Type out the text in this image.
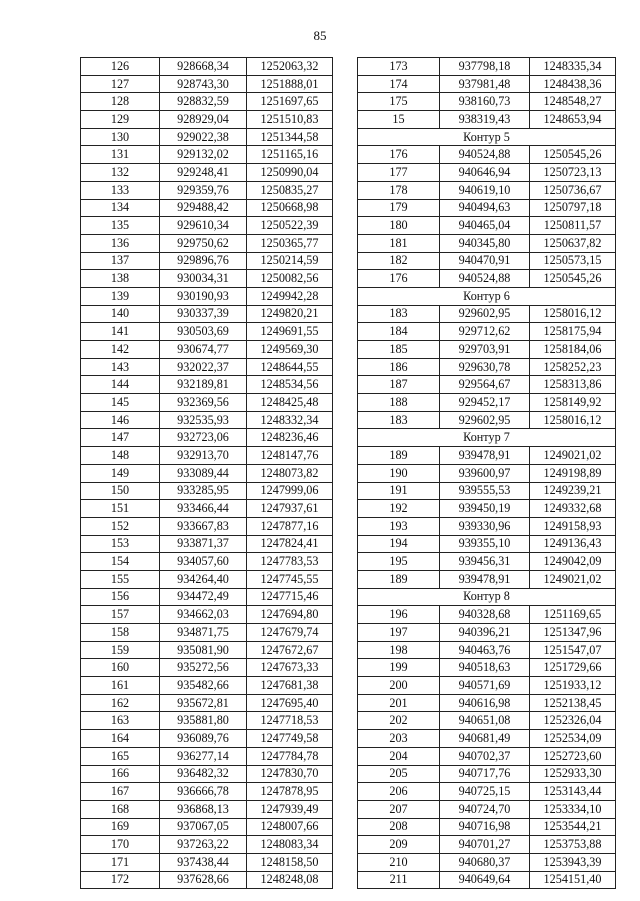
85
126	928668,34	1252063,32
127	928743,30	1251888,01
128	928832,59	1251697,65
129	928929,04	1251510,83
130	929022,38	1251344,58
131	929132,02	1251165,16
132	929248,41	1250990,04
133	929359,76	1250835,27
134	929488,42	1250668,98
135	929610,34	1250522,39
136	929750,62	1250365,77
137	929896,76	1250214,59
138	930034,31	1250082,56
139	930190,93	1249942,28
140	930337,39	1249820,21
141	930503,69	1249691,55
142	930674,77	1249569,30
143	932022,37	1248644,55
144	932189,81	1248534,56
145	932369,56	1248425,48
146	932535,93	1248332,34
147	932723,06	1248236,46
148	932913,70	1248147,76
149	933089,44	1248073,82
150	933285,95	1247999,06
151	933466,44	1247937,61
152	933667,83	1247877,16
153	933871,37	1247824,41
154	934057,60	1247783,53
155	934264,40	1247745,55
156	934472,49	1247715,46
157	934662,03	1247694,80
158	934871,75	1247679,74
159	935081,90	1247672,67
160	935272,56	1247673,33
161	935482,66	1247681,38
162	935672,81	1247695,40
163	935881,80	1247718,53
164	936089,76	1247749,58
165	936277,14	1247784,78
166	936482,32	1247830,70
167	936666,78	1247878,95
168	936868,13	1247939,49
169	937067,05	1248007,66
170	937263,22	1248083,34
171	937438,44	1248158,50
172	937628,66	1248248,08
173	937798,18	1248335,34
174	937981,48	1248438,36
175	938160,73	1248548,27
15	938319,43	1248653,94
Контур 5		
176	940524,88	1250545,26
177	940646,94	1250723,13
178	940619,10	1250736,67
179	940494,63	1250797,18
180	940465,04	1250811,57
181	940345,80	1250637,82
182	940470,91	1250573,15
176	940524,88	1250545,26
Контур 6		
183	929602,95	1258016,12
184	929712,62	1258175,94
185	929703,91	1258184,06
186	929630,78	1258252,23
187	929564,67	1258313,86
188	929452,17	1258149,92
183	929602,95	1258016,12
Контур 7		
189	939478,91	1249021,02
190	939600,97	1249198,89
191	939555,53	1249239,21
192	939450,19	1249332,68
193	939330,96	1249158,93
194	939355,10	1249136,43
195	939456,31	1249042,09
189	939478,91	1249021,02
Контур 8		
196	940328,68	1251169,65
197	940396,21	1251347,96
198	940463,76	1251547,07
199	940518,63	1251729,66
200	940571,69	1251933,12
201	940616,98	1252138,45
202	940651,08	1252326,04
203	940681,49	1252534,09
204	940702,37	1252723,60
205	940717,76	1252933,30
206	940725,15	1253143,44
207	940724,70	1253334,10
208	940716,98	1253544,21
209	940701,27	1253753,88
210	940680,37	1253943,39
211	940649,64	1254151,40
